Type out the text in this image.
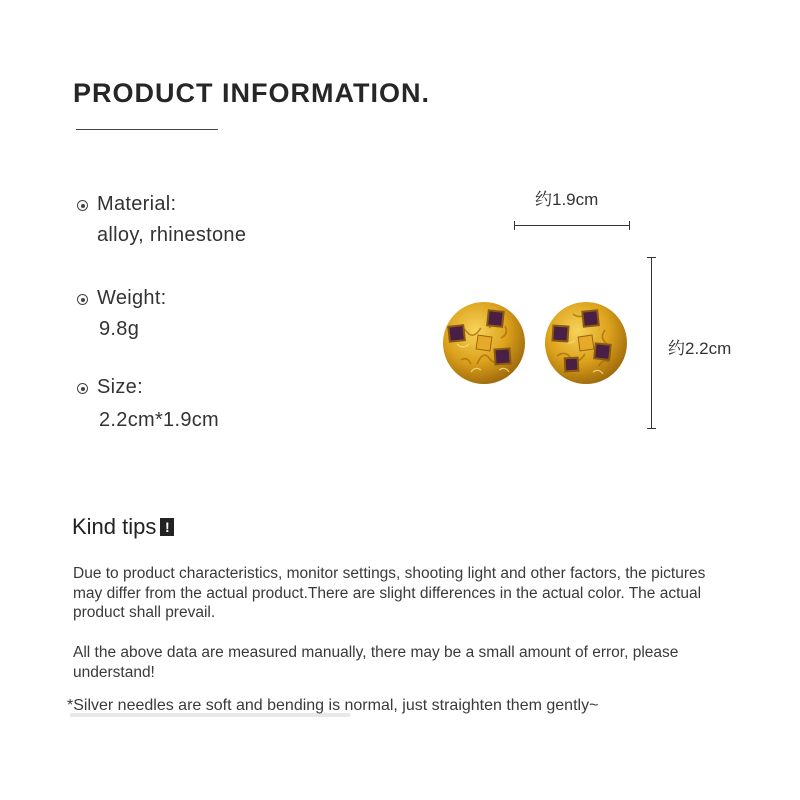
PRODUCT INFORMATION.
Material:
alloy, rhinestone
Weight:
9.8g
Size:
2.2cm*1.9cm
约1.9cm
约2.2cm
Kind tips !

Due to product characteristics, monitor settings, shooting light and other factors, the pictures may differ from the actual product.There are slight differences in the actual color. The actual product shall prevail.

All the above data are measured manually, there may be a small amount of error, please understand!

*Silver needles are soft and bending is normal, just straighten them gently~
